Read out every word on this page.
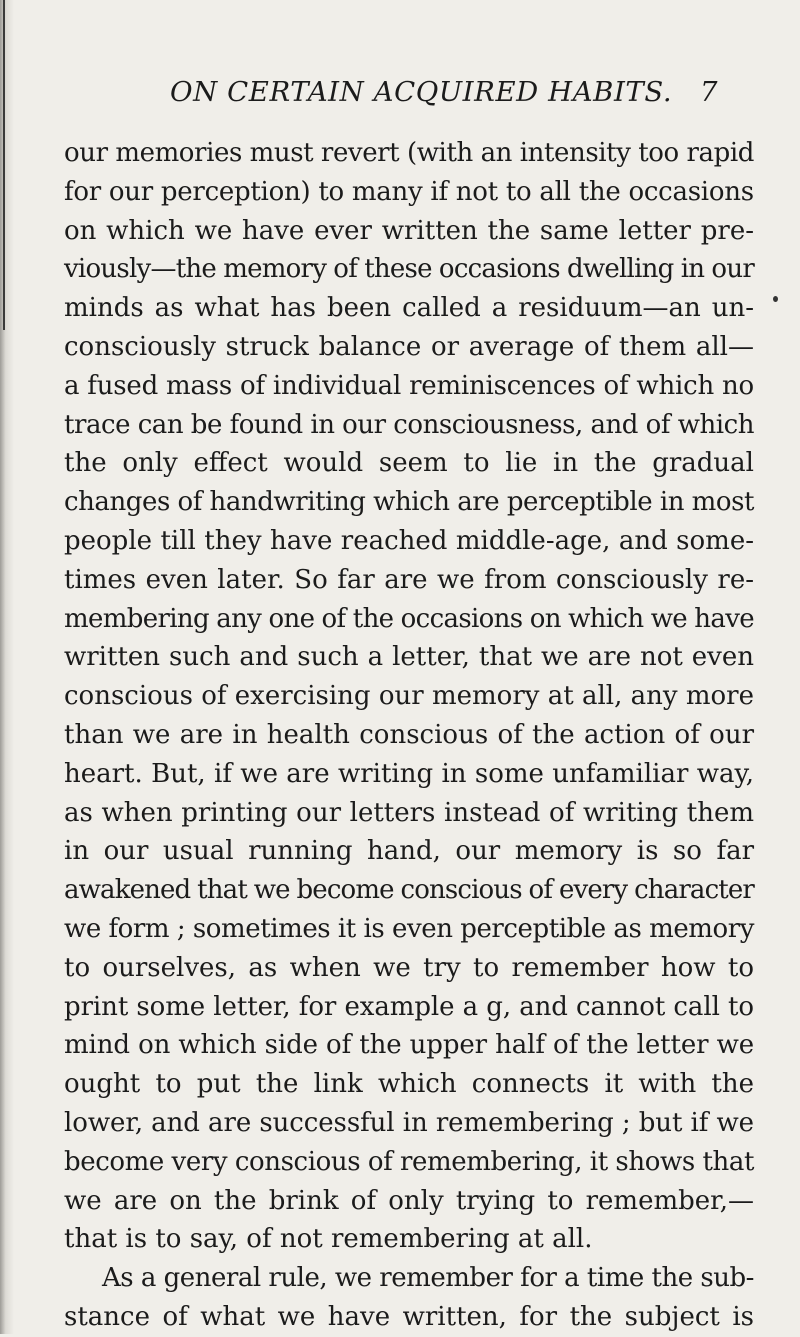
ON CERTAIN ACQUIRED HABITS. 7
our memories must revert (with an intensity too rapid
for our perception) to many if not to all the occasions
on which we have ever written the same letter pre-
viously—the memory of these occasions dwelling in our
minds as what has been called a residuum—an un-
consciously struck balance or average of them all—
a fused mass of individual reminiscences of which no
trace can be found in our consciousness, and of which
the only effect would seem to lie in the gradual
changes of handwriting which are perceptible in most
people till they have reached middle-age, and some-
times even later. So far are we from consciously re-
membering any one of the occasions on which we have
written such and such a letter, that we are not even
conscious of exercising our memory at all, any more
than we are in health conscious of the action of our
heart. But, if we are writing in some unfamiliar way,
as when printing our letters instead of writing them
in our usual running hand, our memory is so far
awakened that we become conscious of every character
we form ; sometimes it is even perceptible as memory
to ourselves, as when we try to remember how to
print some letter, for example a g, and cannot call to
mind on which side of the upper half of the letter we
ought to put the link which connects it with the
lower, and are successful in remembering ; but if we
become very conscious of remembering, it shows that
we are on the brink of only trying to remember,—
that is to say, of not remembering at all.
As a general rule, we remember for a time the sub-
stance of what we have written, for the subject is
